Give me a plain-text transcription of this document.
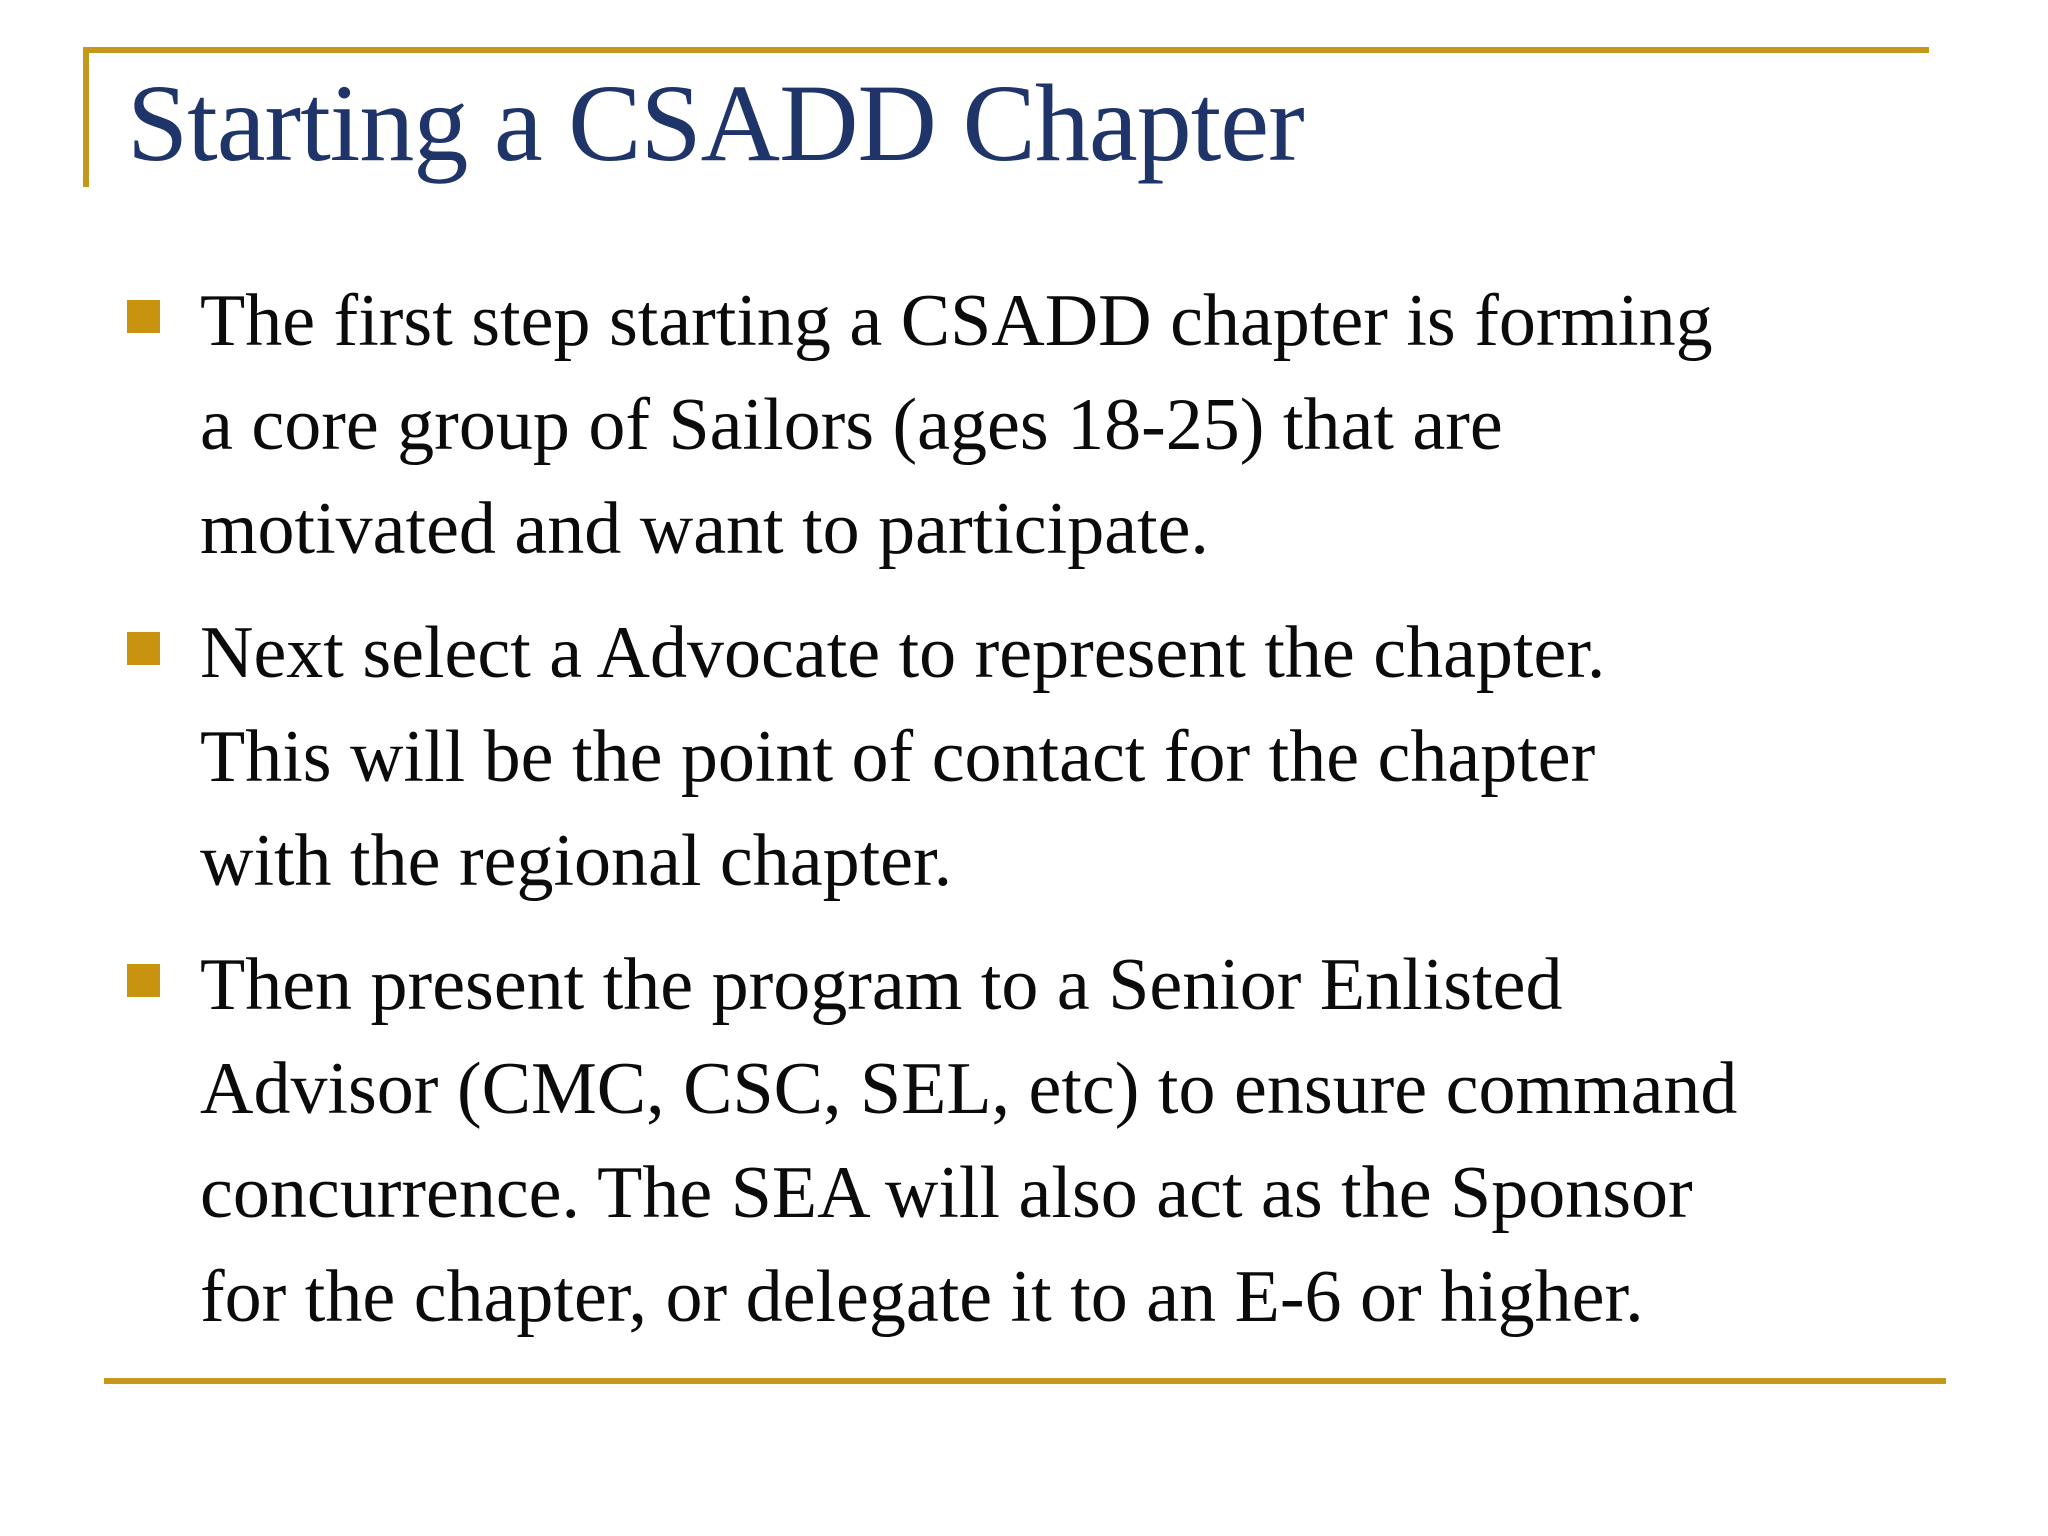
Starting a CSADD Chapter
The first step starting a CSADD chapter is forming
a core group of Sailors (ages 18-25) that are
motivated and want to participate.
Next select a Advocate to represent the chapter.
This will be the point of contact for the chapter
with the regional chapter.
Then present the program to a Senior Enlisted
Advisor (CMC, CSC, SEL, etc) to ensure command
concurrence. The SEA will also act as the Sponsor
for the chapter, or delegate it to an E-6 or higher.
